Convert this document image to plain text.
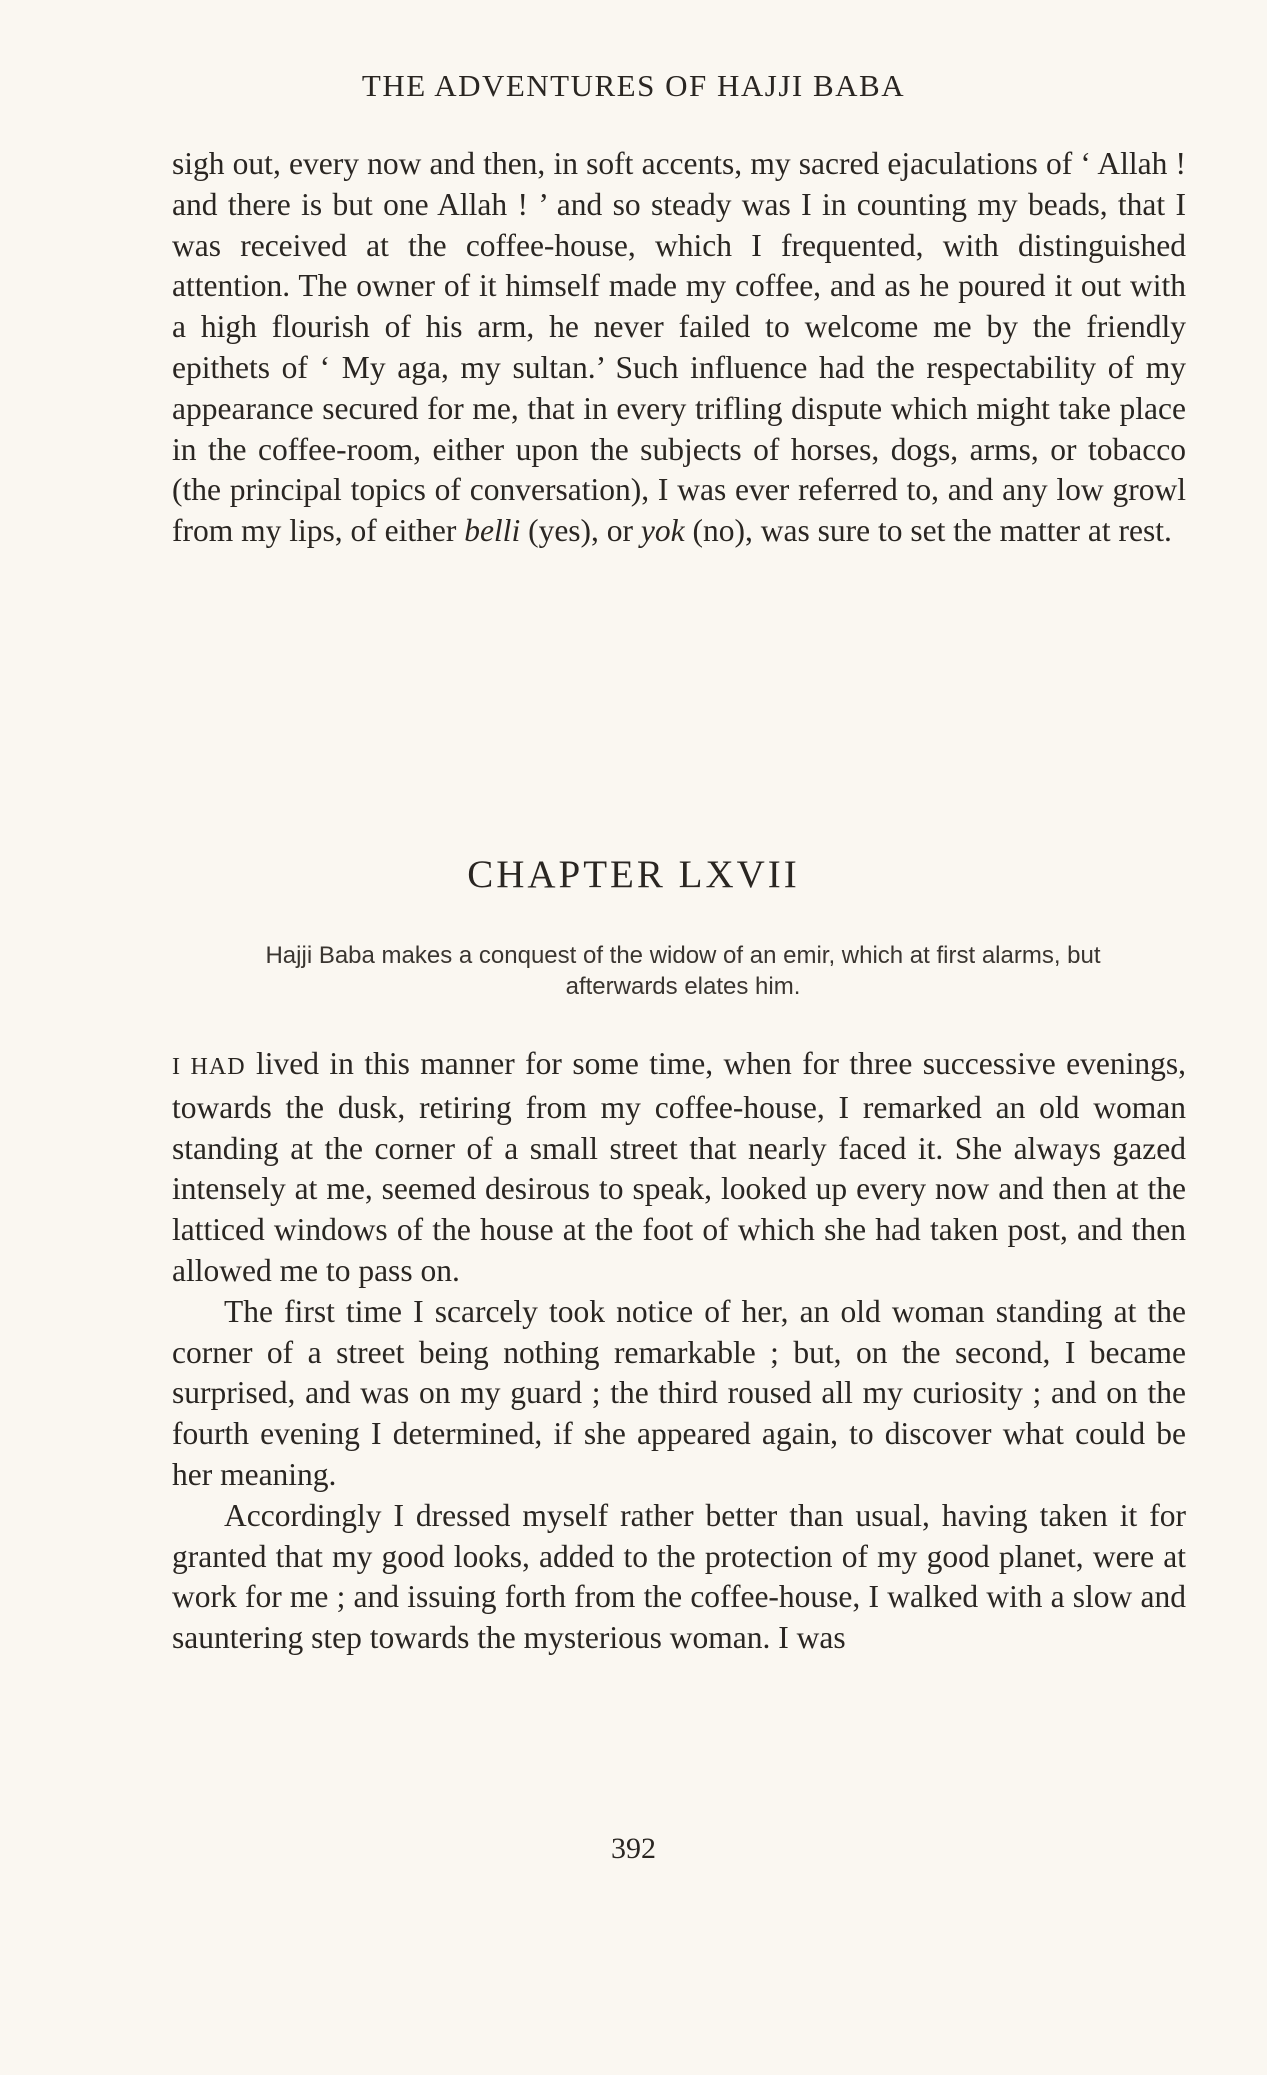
THE ADVENTURES OF HAJJI BABA

sigh out, every now and then, in soft accents, my sacred ejaculations of ‘ Allah ! and there is but one Allah ! ’ and so steady was I in counting my beads, that I was received at the coffee-house, which I frequented, with distinguished attention. The owner of it himself made my coffee, and as he poured it out with a high flourish of his arm, he never failed to welcome me by the friendly epithets of ‘ My aga, my sultan.’ Such influence had the respectability of my appearance secured for me, that in every trifling dispute which might take place in the coffee-room, either upon the subjects of horses, dogs, arms, or tobacco (the principal topics of conversation), I was ever referred to, and any low growl from my lips, of either belli (yes), or yok (no), was sure to set the matter at rest.

CHAPTER LXVII
Hajji Baba makes a conquest of the widow of an emir, which at first alarms, but afterwards elates him.

I HAD lived in this manner for some time, when for three successive evenings, towards the dusk, retiring from my coffee-house, I remarked an old woman standing at the corner of a small street that nearly faced it. She always gazed intensely at me, seemed desirous to speak, looked up every now and then at the latticed windows of the house at the foot of which she had taken post, and then allowed me to pass on.

The first time I scarcely took notice of her, an old woman standing at the corner of a street being nothing remarkable ; but, on the second, I became surprised, and was on my guard ; the third roused all my curiosity ; and on the fourth evening I determined, if she appeared again, to discover what could be her meaning.

Accordingly I dressed myself rather better than usual, having taken it for granted that my good looks, added to the protection of my good planet, were at work for me ; and issuing forth from the coffee-house, I walked with a slow and sauntering step towards the mysterious woman. I was

392
